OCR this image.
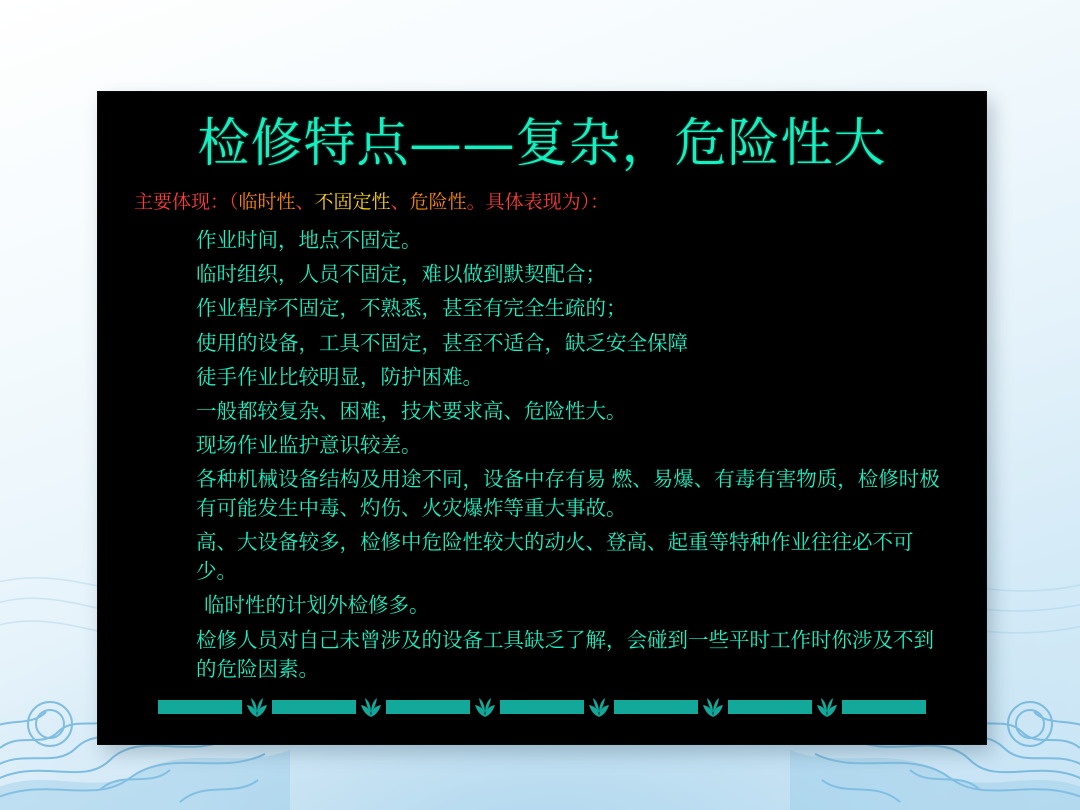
检修特点——复杂，危险性大

主要体现：（临时性、不固定性、危险性。具体表现为）：

作业时间，地点不固定。
临时组织，人员不固定，难以做到默契配合；
作业程序不固定，不熟悉，甚至有完全生疏的；
使用的设备，工具不固定，甚至不适合，缺乏安全保障
徒手作业比较明显，防护困难。
一般都较复杂、困难，技术要求高、危险性大。
现场作业监护意识较差。
各种机械设备结构及用途不同，设备中存有易 燃、易爆、有毒有害物质，检修时极有可能发生中毒、灼伤、火灾爆炸等重大事故。
高、大设备较多，检修中危险性较大的动火、登高、起重等特种作业往往必不可少。
临时性的计划外检修多。
检修人员对自己未曾涉及的设备工具缺乏了解，会碰到一些平时工作时你涉及不到的危险因素。
